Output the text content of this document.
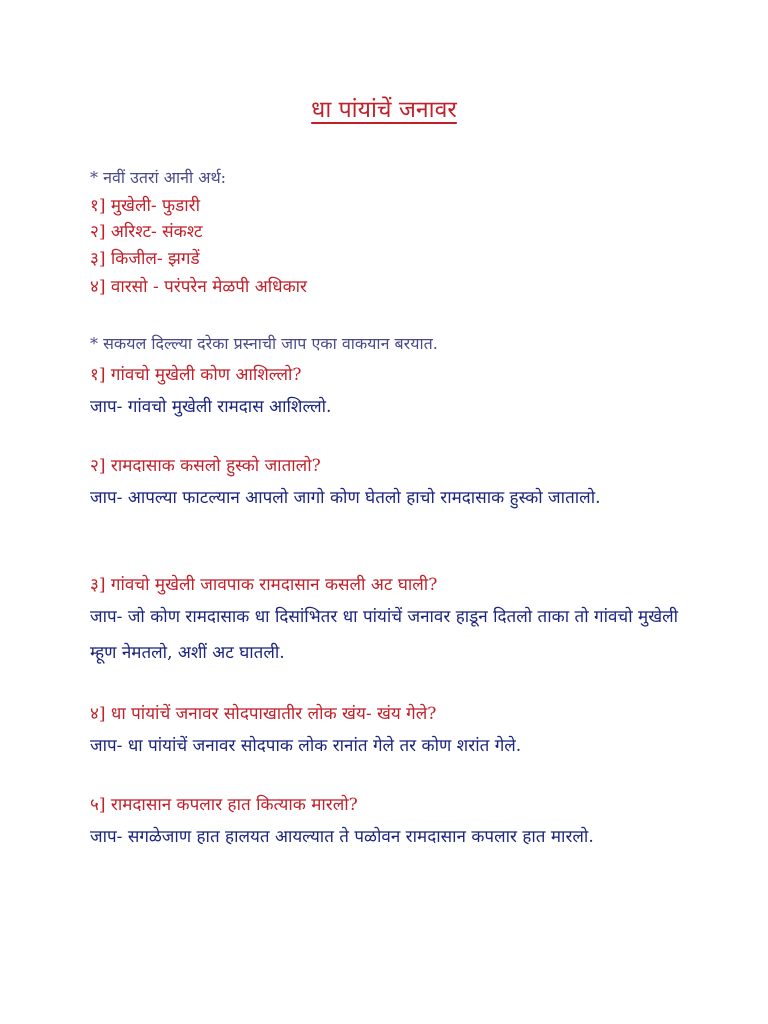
धा पांयांचें जनावर

* नवीं उतरां आनी अर्थ:

१] मुखेली- फुडारी

२] अरिश्ट- संकश्ट

३] किजील- झगडें

४] वारसो - परंपरेन मेळपी अधिकार

* सकयल दिल्ल्या दरेका प्रस्नाची जाप एका वाकयान बरयात.

१] गांवचो मुखेली कोण आशिल्लो?

जाप- गांवचो मुखेली रामदास आशिल्लो.

२] रामदासाक कसलो हुस्को जातालो?

जाप- आपल्या फाटल्यान आपलो जागो कोण घेतलो हाचो रामदासाक हुस्को जातालो.

३] गांवचो मुखेली जावपाक रामदासान कसली अट घाली?

जाप- जो कोण रामदासाक धा दिसांभितर धा पांयांचें जनावर हाडून दितलो ताका तो गांवचो मुखेली म्हूण नेमतलो, अशीं अट घातली.

४] धा पांयांचें जनावर सोदपाखातीर लोक खंय- खंय गेले?

जाप- धा पांयांचें जनावर सोदपाक लोक रानांत गेले तर कोण शरांत गेले.

५] रामदासान कपलार हात कित्याक मारलो?

जाप- सगळेजाण हात हालयत आयल्यात ते पळोवन रामदासान कपलार हात मारलो.
